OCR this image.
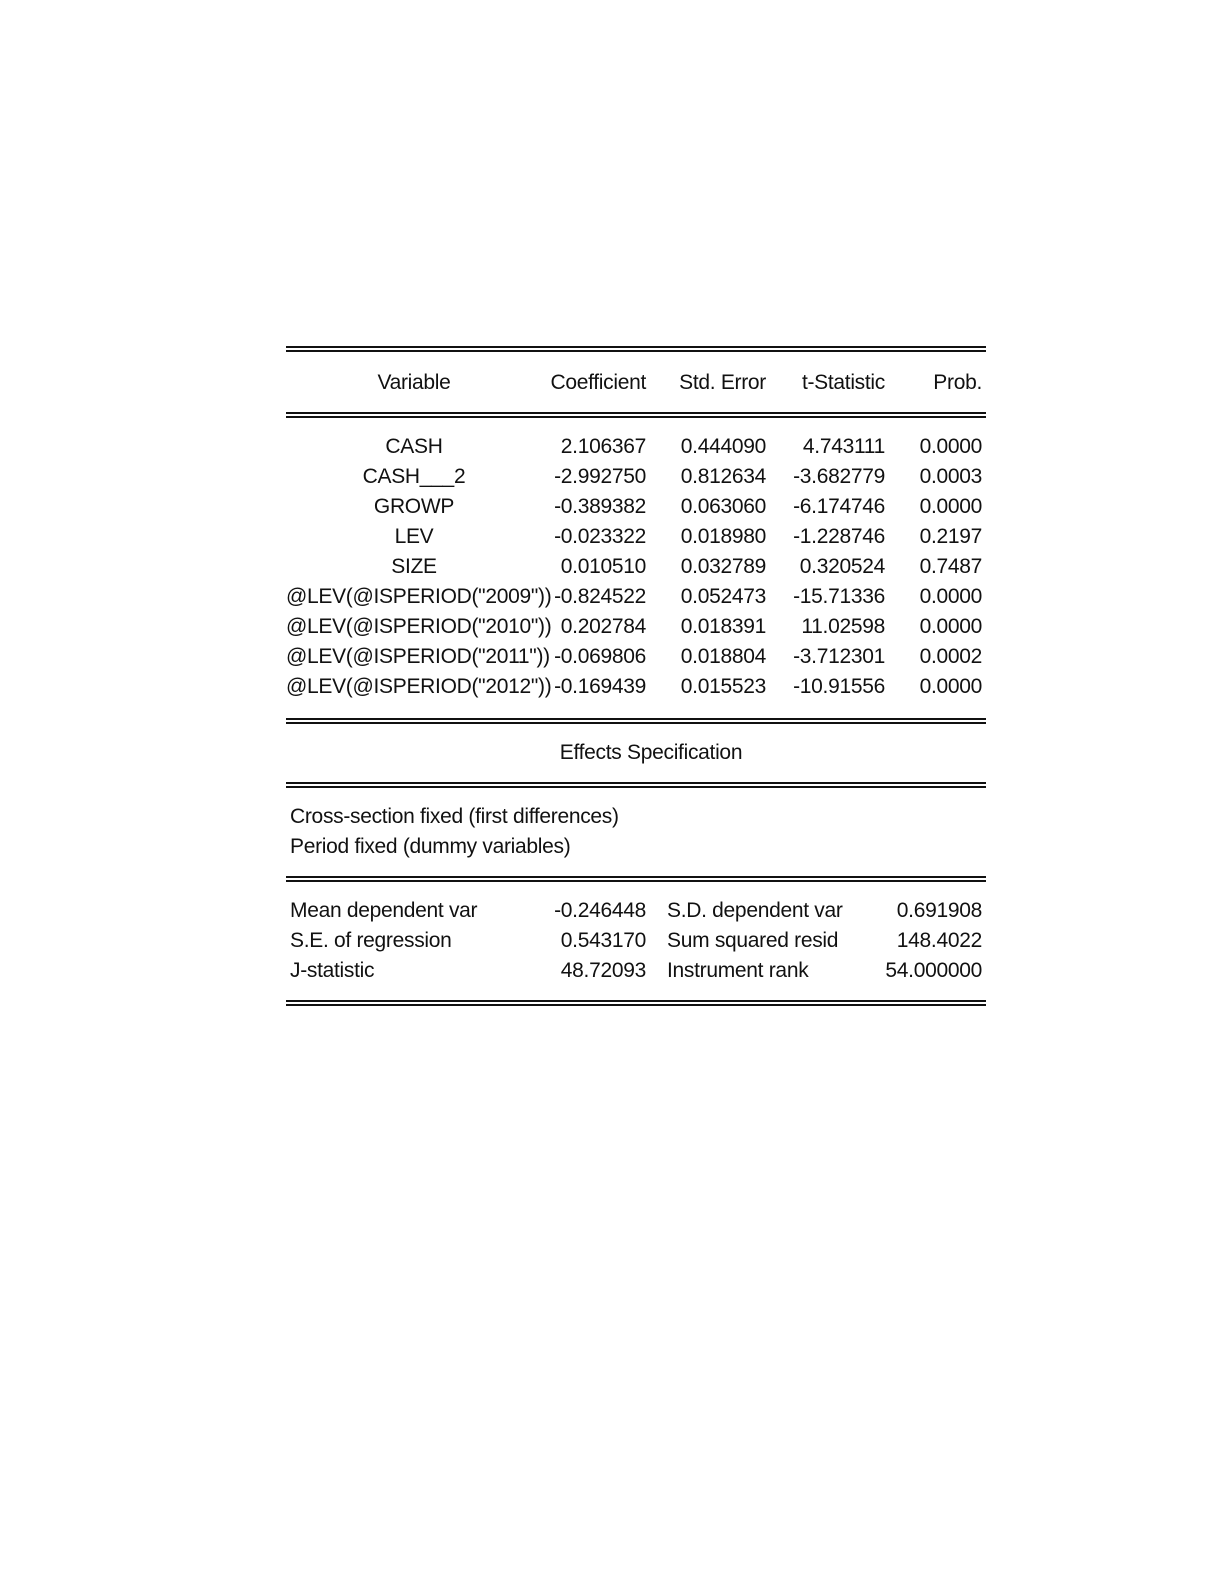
Variable	Coefficient	Std. Error	t-Statistic	Prob.
CASH	2.106367	0.444090	4.743111	0.0000
CASH___2	-2.992750	0.812634	-3.682779	0.0003
GROWP	-0.389382	0.063060	-6.174746	0.0000
LEV	-0.023322	0.018980	-1.228746	0.2197
SIZE	0.010510	0.032789	0.320524	0.7487
@LEV(@ISPERIOD("2009")) -0.824522	0.052473	-15.71336	0.0000
@LEV(@ISPERIOD("2010")) 0.202784	0.018391	11.02598	0.0000
@LEV(@ISPERIOD("2011")) -0.069806	0.018804	-3.712301	0.0002
@LEV(@ISPERIOD("2012")) -0.169439	0.015523	-10.91556	0.0000
Effects Specification
Cross-section fixed (first differences)
Period fixed (dummy variables)
Mean dependent var	-0.246448 S.D. dependent var	0.691908
S.E. of regression	0.543170 Sum squared resid	148.4022
J-statistic	48.72093 Instrument rank	54.000000
